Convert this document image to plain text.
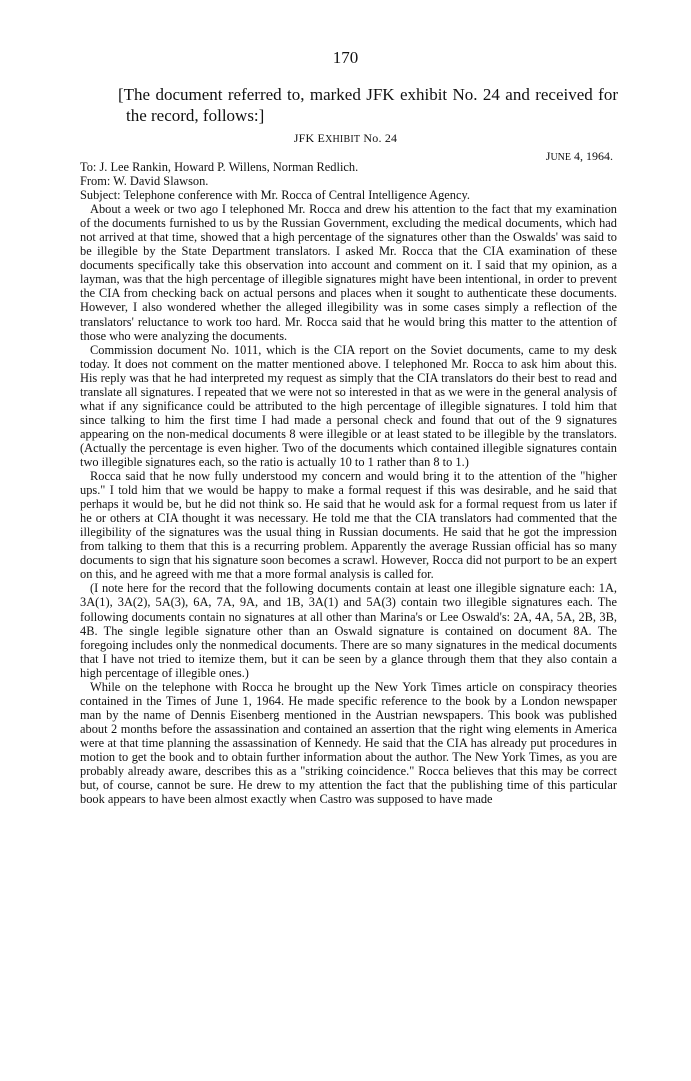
170
[The document referred to, marked JFK exhibit No. 24 and received for the record, follows:]
JFK EXHIBIT No. 24
JUNE 4, 1964.

To: J. Lee Rankin, Howard P. Willens, Norman Redlich.

From: W. David Slawson.

Subject: Telephone conference with Mr. Rocca of Central Intelligence Agency.

About a week or two ago I telephoned Mr. Rocca and drew his attention to the fact that my examination of the documents furnished to us by the Russian Government, excluding the medical documents, which had not arrived at that time, showed that a high percentage of the signatures other than the Oswalds' was said to be illegible by the State Department translators. I asked Mr. Rocca that the CIA examination of these documents specifically take this observation into account and comment on it. I said that my opinion, as a layman, was that the high percentage of illegible signatures might have been intentional, in order to prevent the CIA from checking back on actual persons and places when it sought to authenticate these documents. However, I also wondered whether the alleged illegibility was in some cases simply a reflection of the translators' reluctance to work too hard. Mr. Rocca said that he would bring this matter to the attention of those who were analyzing the documents.

Commission document No. 1011, which is the CIA report on the Soviet documents, came to my desk today. It does not comment on the matter mentioned above. I telephoned Mr. Rocca to ask him about this. His reply was that he had interpreted my request as simply that the CIA translators do their best to read and translate all signatures. I repeated that we were not so interested in that as we were in the general analysis of what if any significance could be attributed to the high percentage of illegible signatures. I told him that since talking to him the first time I had made a personal check and found that out of the 9 signatures appearing on the non-medical documents 8 were illegible or at least stated to be illegible by the translators. (Actually the percentage is even higher. Two of the documents which contained illegible signatures contain two illegible signatures each, so the ratio is actually 10 to 1 rather than 8 to 1.)

Rocca said that he now fully understood my concern and would bring it to the attention of the "higher ups." I told him that we would be happy to make a formal request if this was desirable, and he said that perhaps it would be, but he did not think so. He said that he would ask for a formal request from us later if he or others at CIA thought it was necessary. He told me that the CIA translators had commented that the illegibility of the signatures was the usual thing in Russian documents. He said that he got the impression from talking to them that this is a recurring problem. Apparently the average Russian official has so many documents to sign that his signature soon becomes a scrawl. However, Rocca did not purport to be an expert on this, and he agreed with me that a more formal analysis is called for.

(I note here for the record that the following documents contain at least one illegible signature each: 1A, 3A(1), 3A(2), 5A(3), 6A, 7A, 9A, and 1B, 3A(1) and 5A(3) contain two illegible signatures each. The following documents contain no signatures at all other than Marina's or Lee Oswald's: 2A, 4A, 5A, 2B, 3B, 4B. The single legible signature other than an Oswald signature is contained on document 8A. The foregoing includes only the nonmedical documents. There are so many signatures in the medical documents that I have not tried to itemize them, but it can be seen by a glance through them that they also contain a high percentage of illegible ones.)

While on the telephone with Rocca he brought up the New York Times article on conspiracy theories contained in the Times of June 1, 1964. He made specific reference to the book by a London newspaper man by the name of Dennis Eisenberg mentioned in the Austrian newspapers. This book was published about 2 months before the assassination and contained an assertion that the right wing elements in America were at that time planning the assassination of Kennedy. He said that the CIA has already put procedures in motion to get the book and to obtain further information about the author. The New York Times, as you are probably already aware, describes this as a "striking coincidence." Rocca believes that this may be correct but, of course, cannot be sure. He drew to my attention the fact that the publishing time of this particular book appears to have been almost exactly when Castro was supposed to have made
